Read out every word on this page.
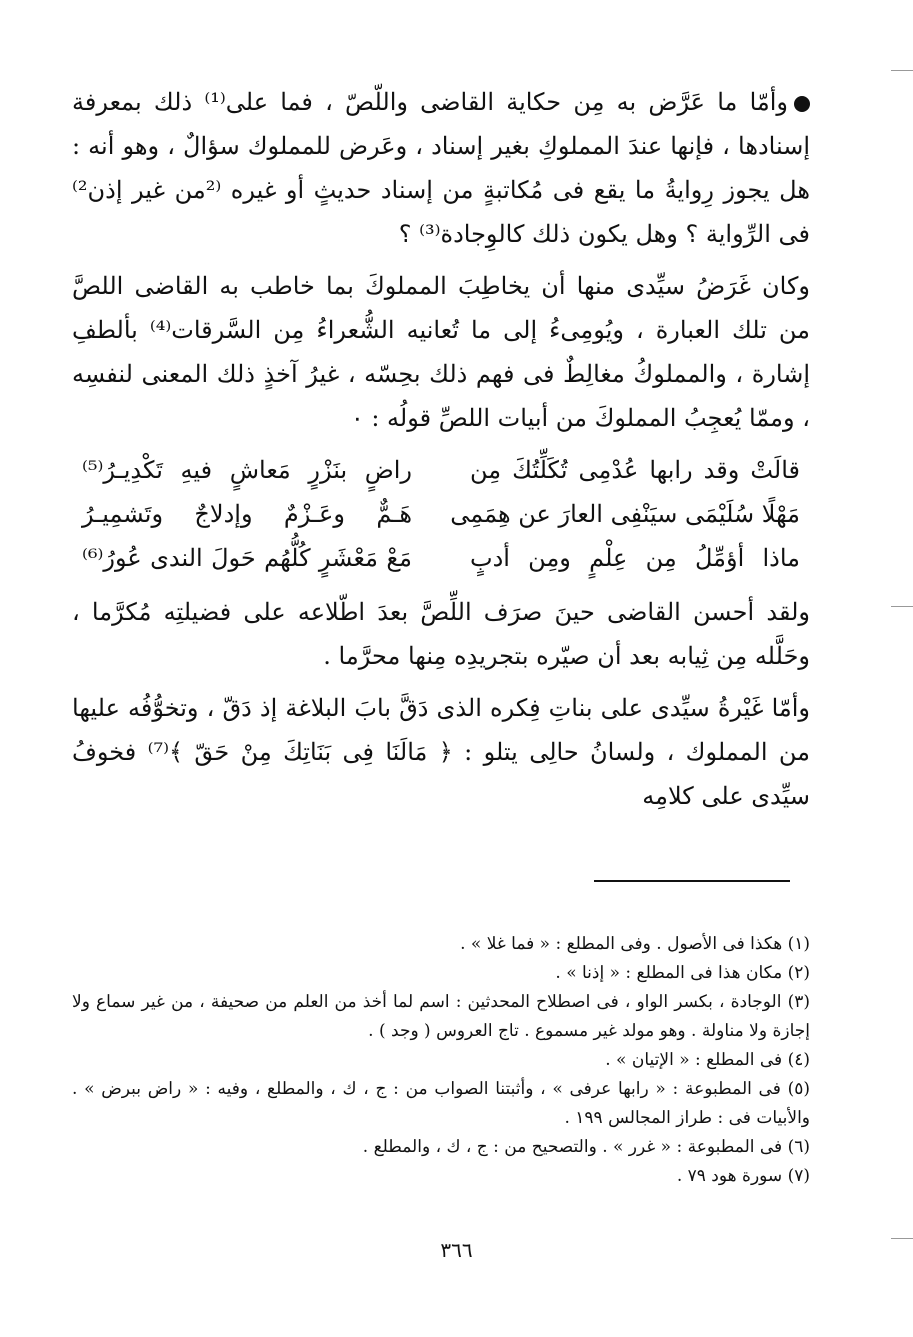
وأمّا ما عَرَّض به مِن حكاية القاضى واللّصّ ، فما على⁽¹⁾ ذلك بمعرفة إسنادها ، فإنها عندَ المملوكِ بغير إسناد ، وعَرض للمملوك سؤالٌ ، وهو أنه : هل يجوز رِوايةُ ما يقع فى مُكاتبةٍ من إسناد حديثٍ أو غيره ⁽²من غير إذن²⁾ فى الرِّواية ؟ وهل يكون ذلك كالوِجادة⁽³⁾ ؟

وكان غَرَضُ سيِّدى منها أن يخاطِبَ المملوكَ بما خاطب به القاضى اللصَّ من تلك العبارة ، ويُومِىءُ إلى ما تُعانيه الشُّعراءُ مِن السَّرقات⁽⁴⁾ بألطفِ إشارة ، والمملوكُ مغالِطٌ فى فهم ذلك بحِسّه ، غيرُ آخذٍ ذلك المعنى لنفسِه ، وممّا يُعجِبُ المملوكَ من أبيات اللصِّ قولُه : ٠

قالَتْ وقد رابها عُدْمِى تُكَلِّتُكَ مِن
راضٍ بنَزْرٍ مَعاشٍ فيهِ تَكْدِيـرُ⁽⁵⁾
مَهْلًا سُلَيْمَى سيَنْفِى العارَ عن هِمَمِى
هَـمٌّ وعَـزْمٌ وإدلاجٌ وتَشمِيـرُ
ماذا أؤمِّلُ مِن عِلْمٍ ومِن أدبٍ
مَعْ مَعْشَرٍ كُلُّهُم حَولَ الندى عُورُ⁽⁶⁾

ولقد أحسن القاضى حينَ صرَف اللِّصَّ بعدَ اطّلاعه على فضيلتِه مُكرَّما ، وحَلَّله مِن ثِيابه بعد أن صيّره بتجريدِه مِنها محرَّما .

وأمّا غَيْرةُ سيِّدى على بناتِ فِكره الذى دَقَّ بابَ البلاغة إذ دَقّ ، وتخوُّفُه عليها من المملوك ، ولسانُ حالِى يتلو : ﴿ مَالَنَا فِى بَنَاتِكَ مِنْ حَقّ ﴾⁽⁷⁾ فخوفُ سيِّدى على كلامِه

(١) هكذا فى الأصول . وفى المطلع : « فما غلا » .

(٢) مكان هذا فى المطلع : « إذنا » .

(٣) الوجادة ، بكسر الواو ، فى اصطلاح المحدثين : اسم لما أخذ من العلم من صحيفة ، من غير سماع ولا إجازة ولا مناولة . وهو مولد غير مسموع . تاج العروس ( وجد ) .

(٤) فى المطلع : « الإتيان » .

(٥) فى المطبوعة : « رابها عرفى » ، وأثبتنا الصواب من : ج ، ك ، والمطلع ، وفيه : « راض ببرض » . والأبيات فى : طراز المجالس ١٩٩ .

(٦) فى المطبوعة : « غرر » . والتصحيح من : ج ، ك ، والمطلع .

(٧) سورة هود ٧٩ .

٣٦٦
